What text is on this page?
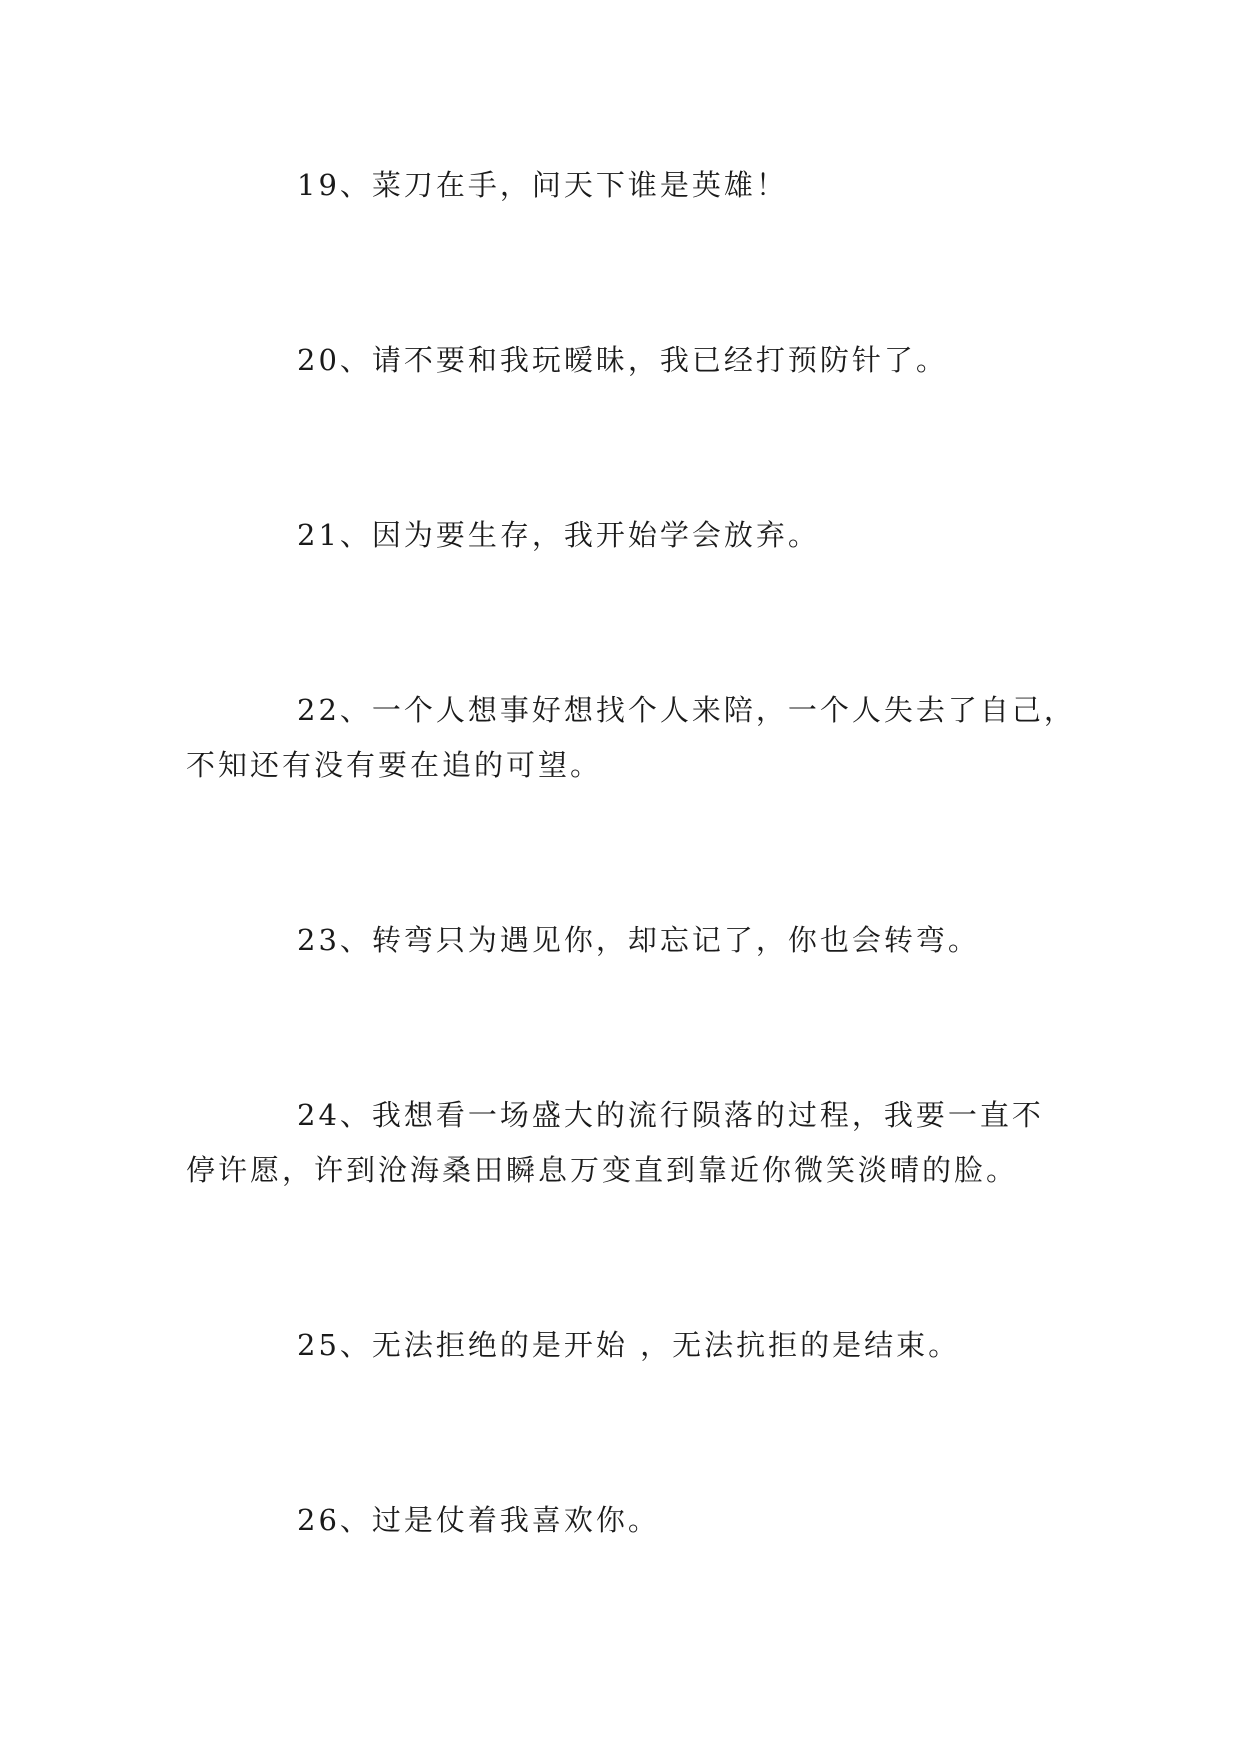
19、菜刀在手，问天下谁是英雄！

20、请不要和我玩暧昧，我已经打预防针了。

21、因为要生存，我开始学会放弃。

22、一个人想事好想找个人来陪，一个人失去了自己，

不知还有没有要在追的可望。

23、转弯只为遇见你，却忘记了，你也会转弯。

24、我想看一场盛大的流行陨落的过程，我要一直不

停许愿，许到沧海桑田瞬息万变直到靠近你微笑淡晴的脸。

25、无法拒绝的是开始 ，无法抗拒的是结束。

26、过是仗着我喜欢你。
